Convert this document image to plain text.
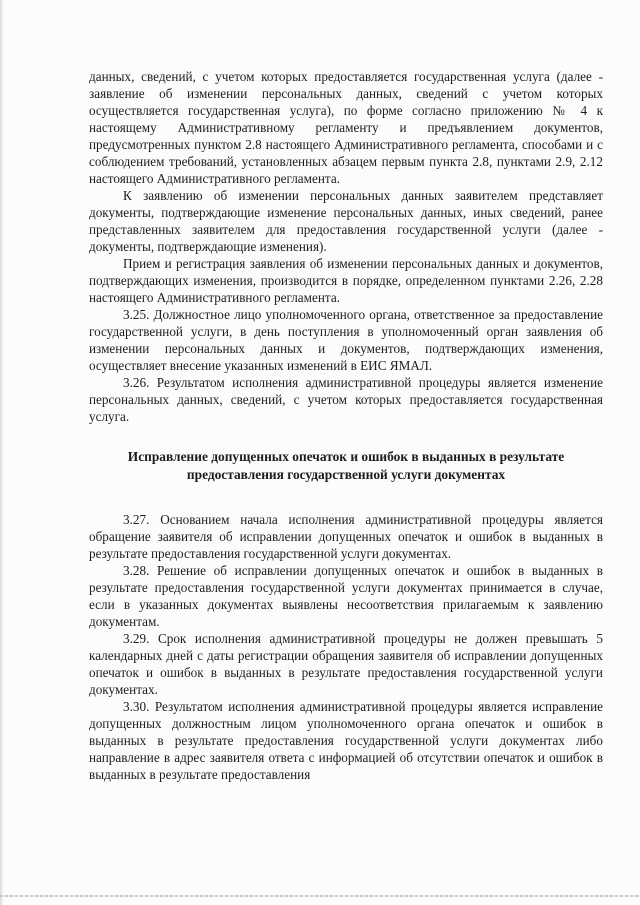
данных, сведений, с учетом которых предоставляется государственная услуга (далее - заявление об изменении персональных данных, сведений с учетом которых осуществляется государственная услуга), по форме согласно приложению № 4 к настоящему Административному регламенту и предъявлением документов, предусмотренных пунктом 2.8 настоящего Административного регламента, способами и с соблюдением требований, установленных абзацем первым пункта 2.8, пунктами 2.9, 2.12 настоящего Административного регламента.

К заявлению об изменении персональных данных заявителем представляет документы, подтверждающие изменение персональных данных, иных сведений, ранее представленных заявителем для предоставления государственной услуги (далее - документы, подтверждающие изменения).

Прием и регистрация заявления об изменении персональных данных и документов, подтверждающих изменения, производится в порядке, определенном пунктами 2.26, 2.28 настоящего Административного регламента.

3.25. Должностное лицо уполномоченного органа, ответственное за предоставление государственной услуги, в день поступления в уполномоченный орган заявления об изменении персональных данных и документов, подтверждающих изменения, осуществляет внесение указанных изменений в ЕИС ЯМАЛ.

3.26. Результатом исполнения административной процедуры является изменение персональных данных, сведений, с учетом которых предоставляется государственная услуга.

Исправление допущенных опечаток и ошибок в выданных в результате
предоставления государственной услуги документах

3.27. Основанием начала исполнения административной процедуры является обращение заявителя об исправлении допущенных опечаток и ошибок в выданных в результате предоставления государственной услуги документах.

3.28. Решение об исправлении допущенных опечаток и ошибок в выданных в результате предоставления государственной услуги документах принимается в случае, если в указанных документах выявлены несоответствия прилагаемым к заявлению документам.

3.29. Срок исполнения административной процедуры не должен превышать 5 календарных дней с даты регистрации обращения заявителя об исправлении допущенных опечаток и ошибок в выданных в результате предоставления государственной услуги документах.

3.30. Результатом исполнения административной процедуры является исправление допущенных должностным лицом уполномоченного органа опечаток и ошибок в выданных в результате предоставления государственной услуги документах либо направление в адрес заявителя ответа с информацией об отсутствии опечаток и ошибок в выданных в результате предоставления
